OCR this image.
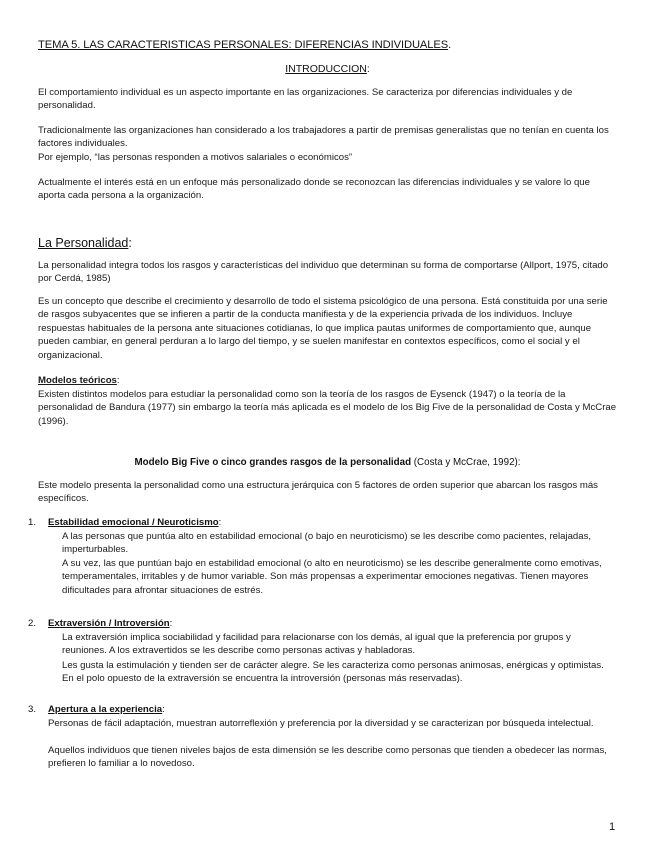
TEMA 5. LAS CARACTERISTICAS PERSONALES: DIFERENCIAS INDIVIDUALES.
INTRODUCCION:

El comportamiento individual es un aspecto importante en las organizaciones. Se caracteriza por diferencias individuales y de personalidad.

Tradicionalmente las organizaciones han considerado a los trabajadores a partir de premisas generalistas que no tenían en cuenta los factores individuales.

Por ejemplo, “las personas responden a motivos salariales o económicos”

Actualmente el interés está en un enfoque más personalizado donde se reconozcan las diferencias individuales y se valore lo que aporta cada persona a la organización.

La Personalidad:

La personalidad integra todos los rasgos y características del individuo que determinan su forma de comportarse (Allport, 1975, citado por Cerdá, 1985)

Es un concepto que describe el crecimiento y desarrollo de todo el sistema psicológico de una persona. Está constituida por una serie de rasgos subyacentes que se infieren a partir de la conducta manifiesta y de la experiencia privada de los individuos. Incluye respuestas habituales de la persona ante situaciones cotidianas, lo que implica pautas uniformes de comportamiento que, aunque pueden cambiar, en general perduran a lo largo del tiempo, y se suelen manifestar en contextos específicos, como el social y el organizacional.

Modelos teóricos:

Existen distintos modelos para estudiar la personalidad como son la teoría de los rasgos de Eysenck (1947) o la teoría de la personalidad de Bandura (1977) sin embargo la teoría más aplicada es el modelo de los Big Five de la personalidad de Costa y McCrae (1996).

Modelo Big Five o cinco grandes rasgos de la personalidad (Costa y McCrae, 1992):

Este modelo presenta la personalidad como una estructura jerárquica con 5 factores de orden superior que abarcan los rasgos más específicos.

1. Estabilidad emocional / Neuroticismo:

A las personas que puntúa alto en estabilidad emocional (o bajo en neuroticismo) se les describe como pacientes, relajadas, imperturbables.

A su vez, las que puntúan bajo en estabilidad emocional (o alto en neuroticismo) se les describe generalmente como emotivas, temperamentales, irritables y de humor variable. Son más propensas a experimentar emociones negativas. Tienen mayores dificultades para afrontar situaciones de estrés.

2. Extraversión / Introversión:

La extraversión implica sociabilidad y facilidad para relacionarse con los demás, al igual que la preferencia por grupos y reuniones. A los extravertidos se les describe como personas activas y habladoras.

Les gusta la estimulación y tienden ser de carácter alegre. Se les caracteriza como personas animosas, enérgicas y optimistas. En el polo opuesto de la extraversión se encuentra la introversión (personas más reservadas).

3. Apertura a la experiencia:

Personas de fácil adaptación, muestran autorreflexión y preferencia por la diversidad y se caracterizan por búsqueda intelectual.

Aquellos individuos que tienen niveles bajos de esta dimensión se les describe como personas que tienden a obedecer las normas, prefieren lo familiar a lo novedoso.

1
